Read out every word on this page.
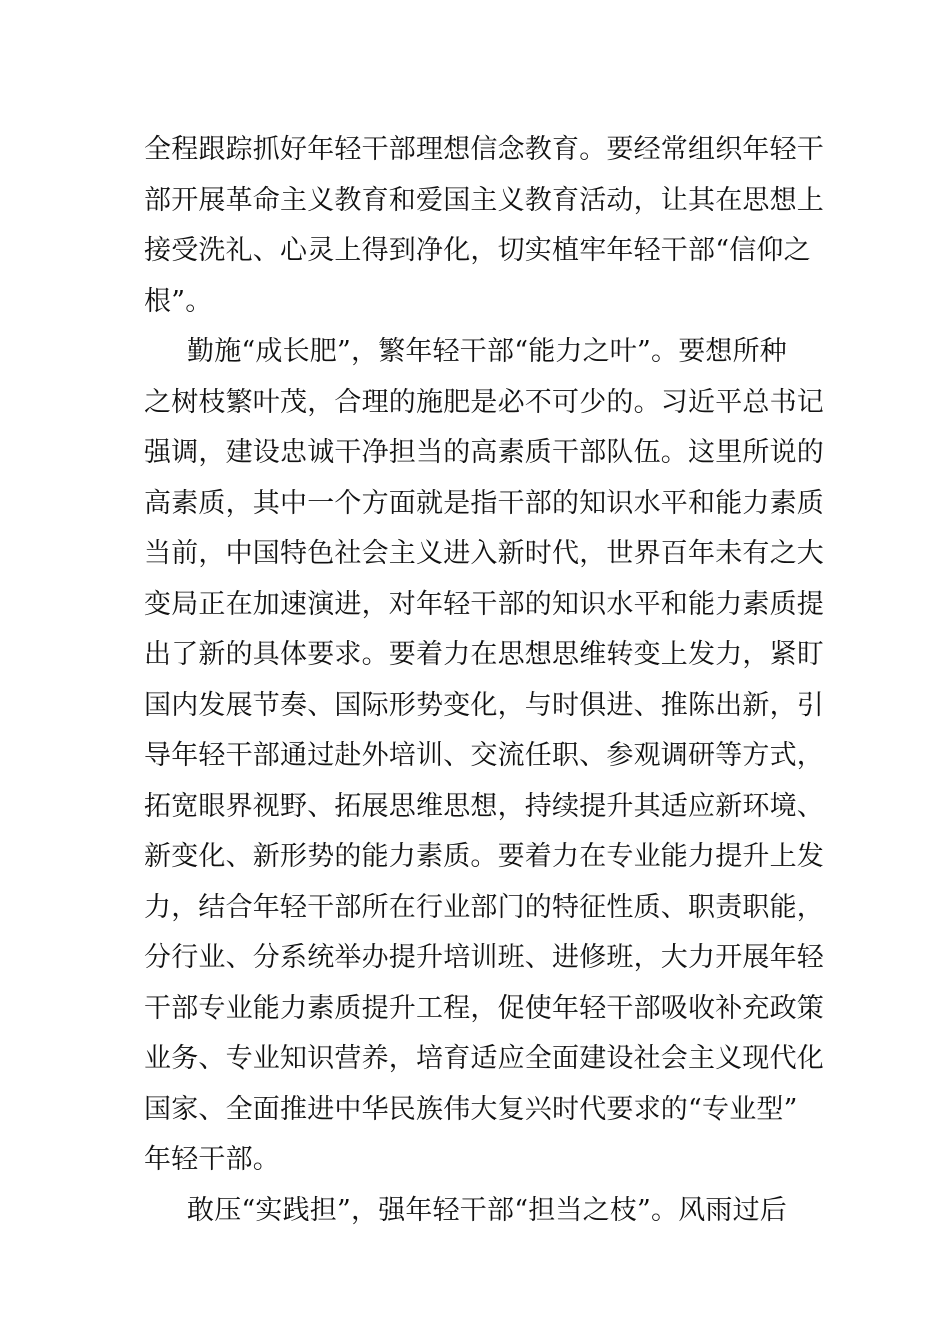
全程跟踪抓好年轻干部理想信念教育。要经常组织年轻干
部开展革命主义教育和爱国主义教育活动，让其在思想上
接受洗礼、心灵上得到净化，切实植牢年轻干部“信仰之
根”。
勤施“成长肥”，繁年轻干部“能力之叶”。要想所种
之树枝繁叶茂，合理的施肥是必不可少的。习近平总书记
强调，建设忠诚干净担当的高素质干部队伍。这里所说的
高素质，其中一个方面就是指干部的知识水平和能力素质
当前，中国特色社会主义进入新时代，世界百年未有之大
变局正在加速演进，对年轻干部的知识水平和能力素质提
出了新的具体要求。要着力在思想思维转变上发力，紧盯
国内发展节奏、国际形势变化，与时俱进、推陈出新，引
导年轻干部通过赴外培训、交流任职、参观调研等方式，
拓宽眼界视野、拓展思维思想，持续提升其适应新环境、
新变化、新形势的能力素质。要着力在专业能力提升上发
力，结合年轻干部所在行业部门的特征性质、职责职能，
分行业、分系统举办提升培训班、进修班，大力开展年轻
干部专业能力素质提升工程，促使年轻干部吸收补充政策
业务、专业知识营养，培育适应全面建设社会主义现代化
国家、全面推进中华民族伟大复兴时代要求的“专业型”
年轻干部。
敢压“实践担”，强年轻干部“担当之枝”。风雨过后
